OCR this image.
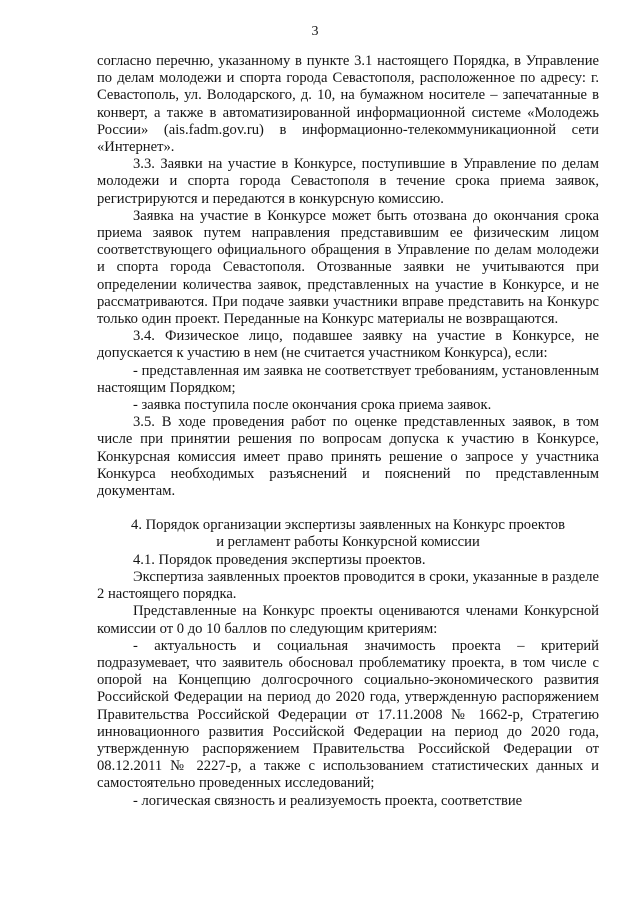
3

согласно перечню, указанному в пункте 3.1 настоящего Порядка, в Управление по делам молодежи и спорта города Севастополя, расположенное по адресу: г. Севастополь, ул. Володарского, д. 10, на бумажном носителе – запечатанные в конверт, а также в автоматизированной информационной системе «Молодежь России» (ais.fadm.gov.ru) в информационно-телекоммуникационной сети «Интернет».

3.3. Заявки на участие в Конкурсе, поступившие в Управление по делам молодежи и спорта города Севастополя в течение срока приема заявок, регистрируются и передаются в конкурсную комиссию.

Заявка на участие в Конкурсе может быть отозвана до окончания срока приема заявок путем направления представившим ее физическим лицом соответствующего официального обращения в Управление по делам молодежи и спорта города Севастополя. Отозванные заявки не учитываются при определении количества заявок, представленных на участие в Конкурсе, и не рассматриваются. При подаче заявки участники вправе представить на Конкурс только один проект. Переданные на Конкурс материалы не возвращаются.

3.4. Физическое лицо, подавшее заявку на участие в Конкурсе, не допускается к участию в нем (не считается участником Конкурса), если:

- представленная им заявка не соответствует требованиям, установленным настоящим Порядком;

- заявка поступила после окончания срока приема заявок.

3.5. В ходе проведения работ по оценке представленных заявок, в том числе при принятии решения по вопросам допуска к участию в Конкурсе, Конкурсная комиссия имеет право принять решение о запросе у участника Конкурса необходимых разъяснений и пояснений по представленным документам.

4. Порядок организации экспертизы заявленных на Конкурс проектов
и регламент работы Конкурсной комиссии

4.1. Порядок проведения экспертизы проектов.

Экспертиза заявленных проектов проводится в сроки, указанные в разделе 2 настоящего порядка.

Представленные на Конкурс проекты оцениваются членами Конкурсной комиссии от 0 до 10 баллов по следующим критериям:

- актуальность и социальная значимость проекта – критерий подразумевает, что заявитель обосновал проблематику проекта, в том числе с опорой на Концепцию долгосрочного социально-экономического развития Российской Федерации на период до 2020 года, утвержденную распоряжением Правительства Российской Федерации от 17.11.2008 № 1662-р, Стратегию инновационного развития Российской Федерации на период до 2020 года, утвержденную распоряжением Правительства Российской Федерации от 08.12.2011 № 2227-р, а также с использованием статистических данных и самостоятельно проведенных исследований;

- логическая связность и реализуемость проекта, соответствие
